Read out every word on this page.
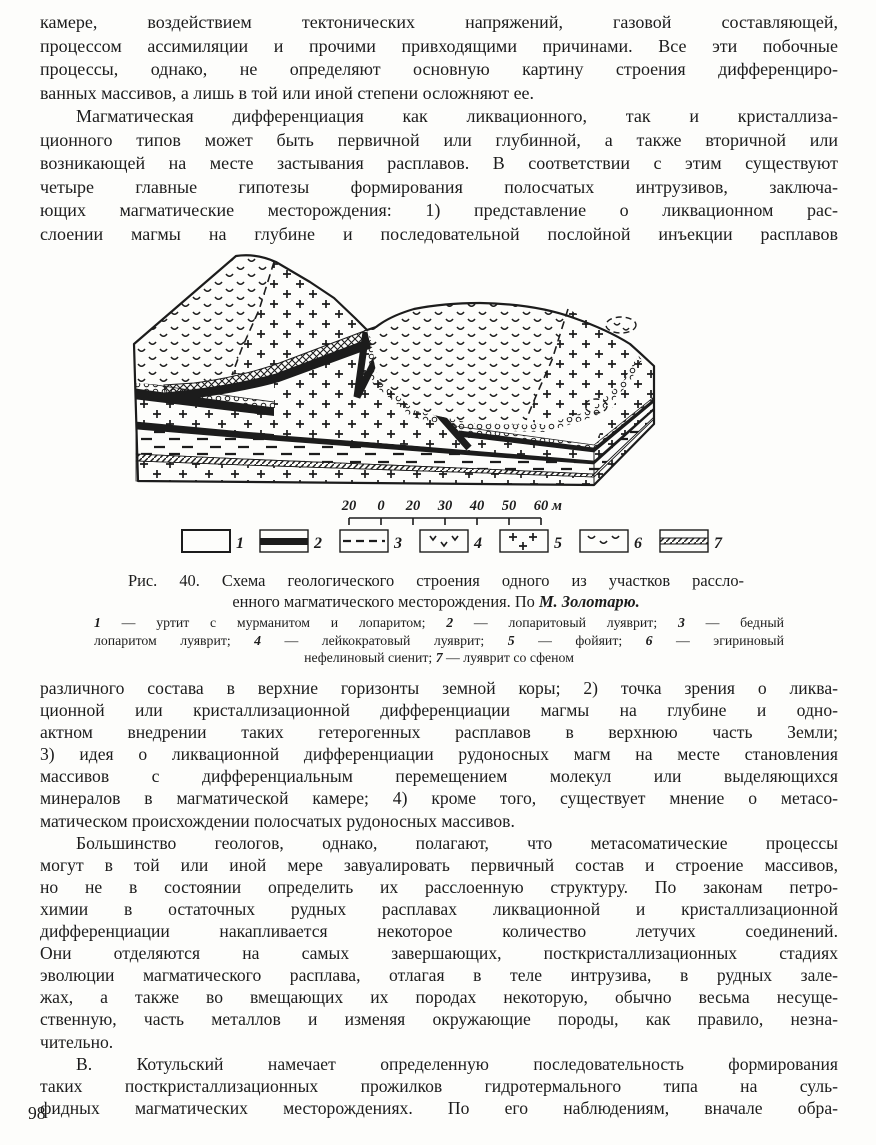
камере, воздействием тектонических напряжений, газовой составляющей,
процессом ассимиляции и прочими привходящими причинами. Все эти побочные
процессы, однако, не определяют основную картину строения дифференциро-
ванных массивов, а лишь в той или иной степени осложняют ее.
Магматическая дифференциация как ликвационного, так и кристаллиза-
ционного типов может быть первичной или глубинной, а также вторичной или
возникающей на месте застывания расплавов. В соответствии с этим существуют
четыре главные гипотезы формирования полосчатых интрузивов, заключа-
ющих магматические месторождения: 1) представление о ликвационном рас-
слоении магмы на глубине и последовательной послойной инъекции расплавов
20 0 20 30 40 50 60 м
1	2	3	4	5	6	7
Рис. 40. Схема геологического строения одного из участков рассло-
енного магматического месторождения. По М. Золотарю.
1 — уртит с мурманитом и лопаритом; 2 — лопаритовый луяврит; 3 — бедный
лопаритом луяврит; 4 — лейкократовый луяврит; 5 — фойяит; 6 — эгириновый
нефелиновый сиенит; 7 — луяврит со сфеном
различного состава в верхние горизонты земной коры; 2) точка зрения о ликва-
ционной или кристаллизационной дифференциации магмы на глубине и одно-
актном внедрении таких гетерогенных расплавов в верхнюю часть Земли;
3) идея о ликвационной дифференциации рудоносных магм на месте становления
массивов с дифференциальным перемещением молекул или выделяющихся
минералов в магматической камере; 4) кроме того, существует мнение о метасо-
матическом происхождении полосчатых рудоносных массивов.
Большинство геологов, однако, полагают, что метасоматические процессы
могут в той или иной мере завуалировать первичный состав и строение массивов,
но не в состоянии определить их расслоенную структуру. По законам петро-
химии в остаточных рудных расплавах ликвационной и кристаллизационной
дифференциации накапливается некоторое количество летучих соединений.
Они отделяются на самых завершающих, посткристаллизационных стадиях
эволюции магматического расплава, отлагая в теле интрузива, в рудных зале-
жах, а также во вмещающих их породах некоторую, обычно весьма несуще-
ственную, часть металлов и изменяя окружающие породы, как правило, незна-
чительно.
В. Котульский намечает определенную последовательность формирования
таких посткристаллизационных прожилков гидротермального типа на суль-
фидных магматических месторождениях. По его наблюдениям, вначале обра-
98
